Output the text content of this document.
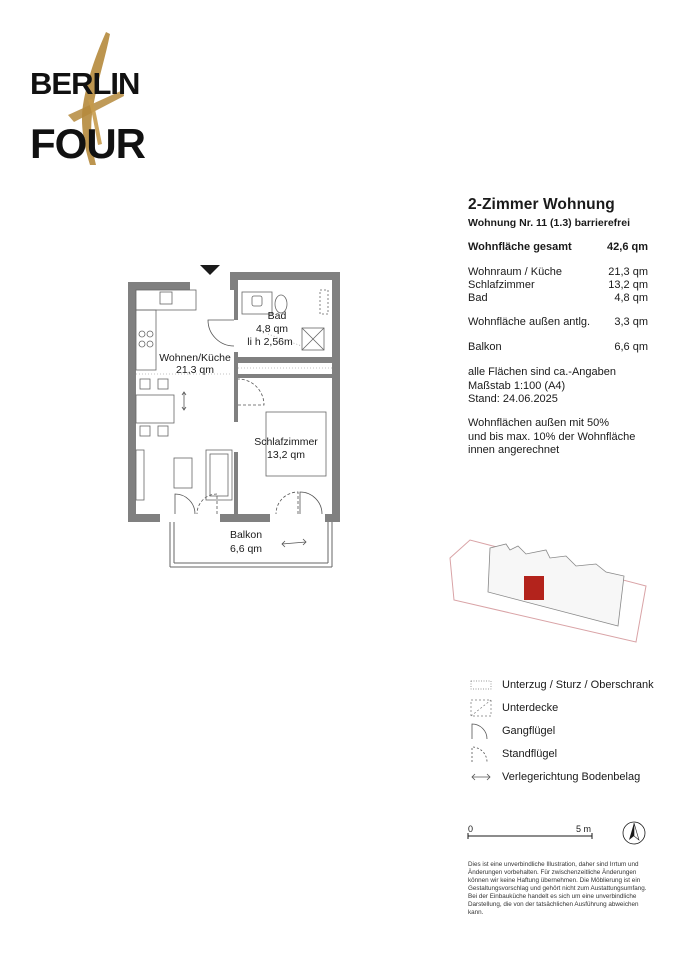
BERLIN
FOUR
2-Zimmer Wohnung
Wohnung Nr. 11 (1.3) barrierefrei
Wohnfläche gesamt	42,6 qm
Wohnraum / Küche	21,3 qm
Schlafzimmer	13,2 qm
Bad	4,8 qm
Wohnfläche außen antlg. 3,3 qm
Balkon	6,6 qm
alle Flächen sind ca.-Angaben
Maßstab 1:100 (A4)
Stand: 24.06.2025
Wohnflächen außen mit 50%
und bis max. 10% der Wohnfläche
innen angerechnet
Bad
4,8 qm
li h 2,56m
Wohnen/Küche
21,3 qm
Schlafzimmer
13,2 qm
Balkon
6,6 qm
Unterzug / Sturz / Oberschrank
Unterdecke
Gangflügel
Standflügel
Verlegerichtung Bodenbelag
0	5 m
Dies ist eine unverbindliche Illustration, daher sind Irrtum und Änderungen vorbehalten. Für zwischenzeitliche Änderungen können wir keine Haftung übernehmen. Die Möblierung ist ein Gestaltungsvorschlag und gehört nicht zum Austattungsumfang. Bei der Einbauküche handelt es sich um eine unverbindliche Darstellung, die von der tatsächlichen Ausführung abweichen kann.
